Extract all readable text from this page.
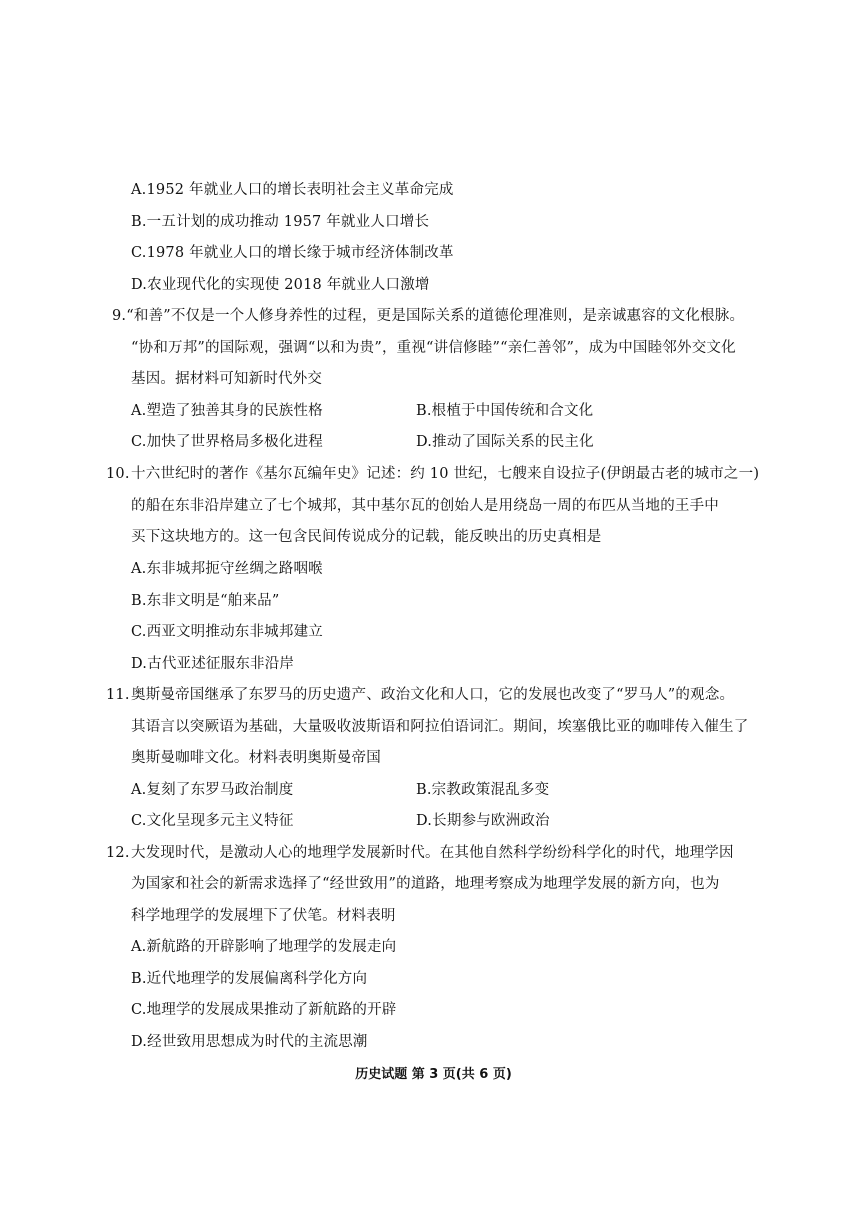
A.1952 年就业人口的增长表明社会主义革命完成
B.一五计划的成功推动 1957 年就业人口增长
C.1978 年就业人口的增长缘于城市经济体制改革
D.农业现代化的实现使 2018 年就业人口激增
9.“和善”不仅是一个人修身养性的过程，更是国际关系的道德伦理准则，是亲诚惠容的文化根脉。
“协和万邦”的国际观，强调“以和为贵”，重视“讲信修睦”“亲仁善邻”，成为中国睦邻外交文化
基因。据材料可知新时代外交
A.塑造了独善其身的民族性格	B.根植于中国传统和合文化
C.加快了世界格局多极化进程	D.推动了国际关系的民主化
10. 十六世纪时的著作《基尔瓦编年史》记述：约 10 世纪，七艘来自设拉子(伊朗最古老的城市之一)
的船在东非沿岸建立了七个城邦，其中基尔瓦的创始人是用绕岛一周的布匹从当地的王手中
买下这块地方的。这一包含民间传说成分的记载，能反映出的历史真相是
A.东非城邦扼守丝绸之路咽喉
B.东非文明是“舶来品”
C.西亚文明推动东非城邦建立
D.古代亚述征服东非沿岸
11. 奥斯曼帝国继承了东罗马的历史遗产、政治文化和人口，它的发展也改变了“罗马人”的观念。
其语言以突厥语为基础，大量吸收波斯语和阿拉伯语词汇。期间，埃塞俄比亚的咖啡传入催生了
奥斯曼咖啡文化。材料表明奥斯曼帝国
A.复刻了东罗马政治制度	B.宗教政策混乱多变
C.文化呈现多元主义特征	D.长期参与欧洲政治
12. 大发现时代，是激动人心的地理学发展新时代。在其他自然科学纷纷科学化的时代，地理学因
为国家和社会的新需求选择了“经世致用”的道路，地理考察成为地理学发展的新方向，也为
科学地理学的发展埋下了伏笔。材料表明
A.新航路的开辟影响了地理学的发展走向
B.近代地理学的发展偏离科学化方向
C.地理学的发展成果推动了新航路的开辟
D.经世致用思想成为时代的主流思潮
历史试题 第 3 页(共 6 页)
